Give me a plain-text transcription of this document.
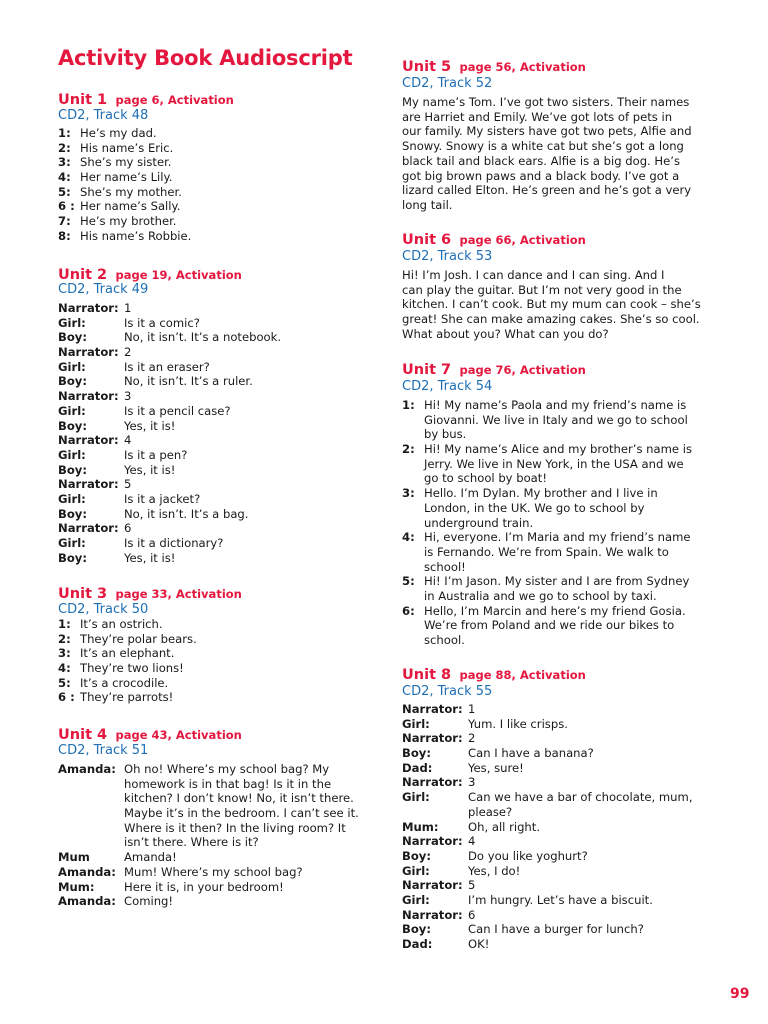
Activity Book Audioscript
Unit 1 page 6, Activation

CD2, Track 48

1: He’s my dad.
2: His name’s Eric.
3: She’s my sister.
4: Her name’s Lily.
5: She’s my mother.
6 : Her name’s Sally.
7: He’s my brother.
8: His name’s Robbie.
Unit 2 page 19, Activation

CD2, Track 49

Narrator: 1
Girl:	Is it a comic?
Boy:	No, it isn’t. It’s a notebook.
Narrator: 2
Girl:	Is it an eraser?
Boy:	No, it isn’t. It’s a ruler.
Narrator: 3
Girl:	Is it a pencil case?
Boy:	Yes, it is!
Narrator: 4
Girl:	Is it a pen?
Boy:	Yes, it is!
Narrator: 5
Girl:	Is it a jacket?
Boy:	No, it isn’t. It’s a bag.
Narrator: 6
Girl:	Is it a dictionary?
Boy:	Yes, it is!
Unit 3 page 33, Activation

CD2, Track 50

1: It’s an ostrich.
2: They’re polar bears.
3: It’s an elephant.
4: They’re two lions!
5: It’s a crocodile.
6 : They’re parrots!
Unit 4 page 43, Activation

CD2, Track 51

Amanda: Oh no! Where’s my school bag? My
homework is in that bag! Is it in the
kitchen? I don’t know! No, it isn’t there.
Maybe it’s in the bedroom. I can’t see it.
Where is it then? In the living room? It
isn’t there. Where is it?
Mum	Amanda!
Amanda: Mum! Where’s my school bag?
Mum:	Here it is, in your bedroom!
Amanda: Coming!
Unit 5 page 56, Activation

CD2, Track 52

My name’s Tom. I’ve got two sisters. Their names
are Harriet and Emily. We’ve got lots of pets in
our family. My sisters have got two pets, Alfie and
Snowy. Snowy is a white cat but she’s got a long
black tail and black ears. Alfie is a big dog. He’s
got big brown paws and a black body. I’ve got a
lizard called Elton. He’s green and he’s got a very
long tail.
Unit 6 page 66, Activation

CD2, Track 53

Hi! I’m Josh. I can dance and I can sing. And I
can play the guitar. But I’m not very good in the
kitchen. I can’t cook. But my mum can cook – she’s
great! She can make amazing cakes. She’s so cool.
What about you? What can you do?
Unit 7 page 76, Activation

CD2, Track 54

1: Hi! My name’s Paola and my friend’s name is
Giovanni. We live in Italy and we go to school
by bus.
2: Hi! My name’s Alice and my brother’s name is
Jerry. We live in New York, in the USA and we
go to school by boat!
3: Hello. I’m Dylan. My brother and I live in
London, in the UK. We go to school by
underground train.
4: Hi, everyone. I’m Maria and my friend’s name
is Fernando. We’re from Spain. We walk to
school!
5: Hi! I’m Jason. My sister and I are from Sydney
in Australia and we go to school by taxi.
6: Hello, I’m Marcin and here’s my friend Gosia.
We’re from Poland and we ride our bikes to
school.
Unit 8 page 88, Activation

CD2, Track 55

Narrator: 1
Girl:	Yum. I like crisps.
Narrator: 2
Boy:	Can I have a banana?
Dad:	Yes, sure!
Narrator: 3
Girl:	Can we have a bar of chocolate, mum,
please?
Mum:	Oh, all right.
Narrator: 4
Boy:	Do you like yoghurt?
Girl:	Yes, I do!
Narrator: 5
Girl:	I’m hungry. Let’s have a biscuit.
Narrator: 6
Boy:	Can I have a burger for lunch?
Dad:	OK!
99
